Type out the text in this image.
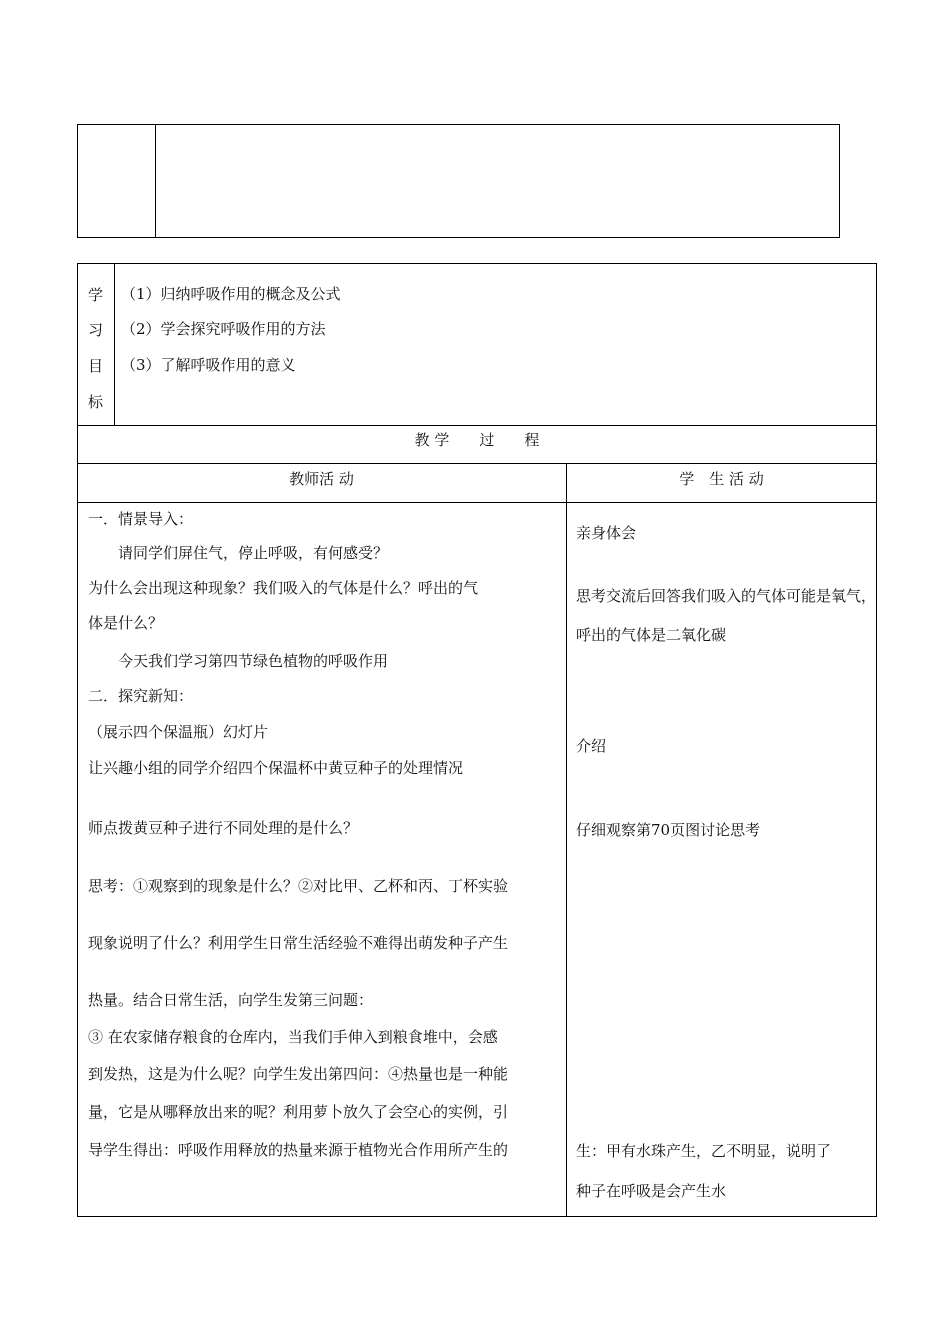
学
习
目
标
（1）归纳呼吸作用的概念及公式
（2）学会探究呼吸作用的方法
（3）了解呼吸作用的意义
教 学　　过　　程
教师活 动	学　生 活 动
一．情景导入：
　　请同学们屏住气，停止呼吸，有何感受？
为什么会出现这种现象？我们吸入的气体是什么？呼出的气
体是什么？
　　今天我们学习第四节绿色植物的呼吸作用
二．探究新知：
（展示四个保温瓶）幻灯片
让兴趣小组的同学介绍四个保温杯中黄豆种子的处理情况
师点拨黄豆种子进行不同处理的是什么？
思考：①观察到的现象是什么？②对比甲、乙杯和丙、丁杯实验
现象说明了什么？利用学生日常生活经验不难得出萌发种子产生
热量。结合日常生活，向学生发第三问题：
③ 在农家储存粮食的仓库内，当我们手伸入到粮食堆中，会感
到发热，这是为什么呢？向学生发出第四问：④热量也是一种能
量，它是从哪释放出来的呢？利用萝卜放久了会空心的实例，引
导学生得出：呼吸作用释放的热量来源于植物光合作用所产生的
亲身体会
思考交流后回答我们吸入的气体可能是氧气，
呼出的气体是二氧化碳
介绍
仔细观察第70页图讨论思考
生：甲有水珠产生，乙不明显，说明了
种子在呼吸是会产生水
